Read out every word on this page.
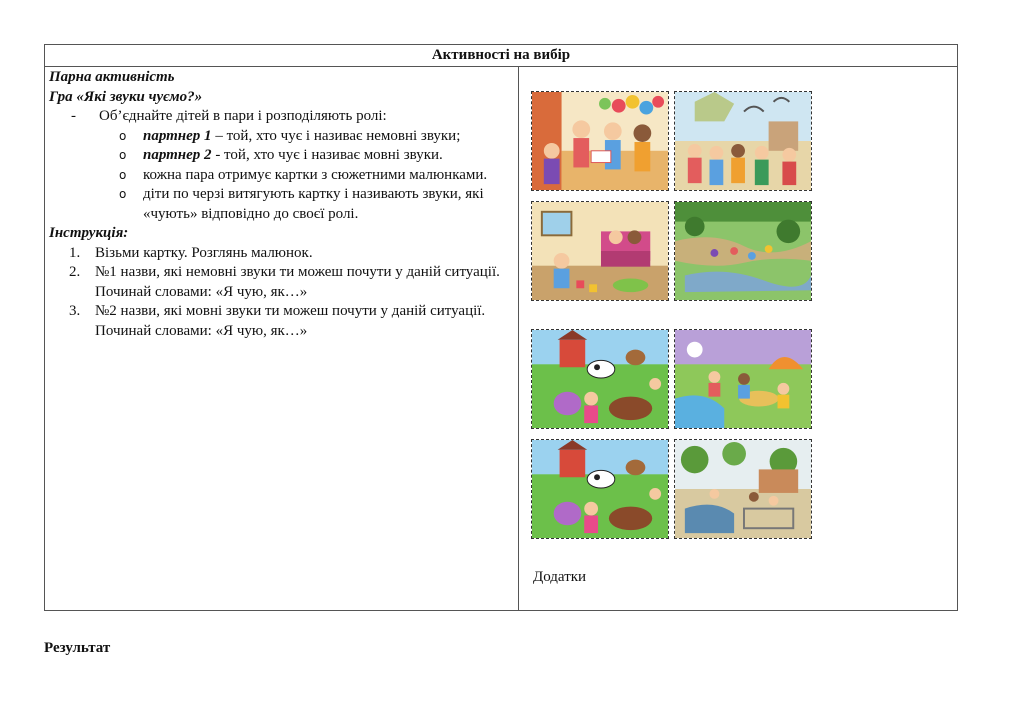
Активності на вибір
Парна активність
Гра «Які звуки чуємо?»
- Об’єднайте дітей в пари і розподіляють ролі:
o партнер 1 – той, хто чує і називає немовні звуки;
o партнер 2 - той, хто чує і називає мовні звуки.
o кожна пара отримує картки з сюжетними малюнками.
o діти по черзі витягують картку і називають звуки, які «чують» відповідно до своєї ролі.
Інструкція:
1. Візьми картку. Розглянь малюнок.
2. №1 назви, які немовні звуки ти можеш почути у даній ситуації. Починай словами: «Я чую, як…»
3. №2 назви, які мовні звуки ти можеш почути у даній ситуації. Починай словами: «Я чую, як…»
Додатки
Результат
